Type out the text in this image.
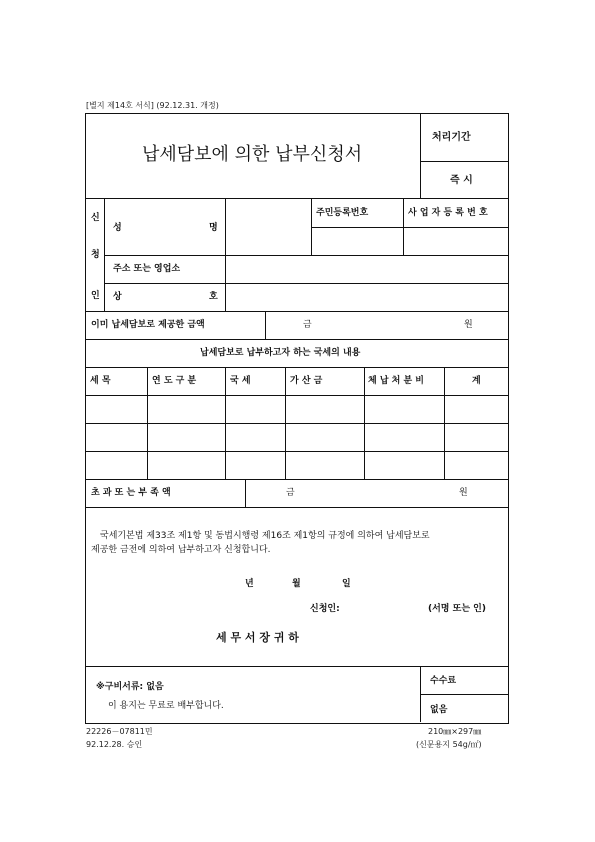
[별지 제14호 서식] (92.12.31. 개정)
납세담보에 의한 납부신청서
처리기간
즉 시
신
청
인
성	명
주민등록번호	사 업 자 등 록 번 호
주소 또는 영업소
상	호
이미 납세담보로 제공한 금액	금	원
납세담보로 납부하고자 하는 국세의 내용
세 목	연 도 구 분	국 세	가 산 금	체 납 처 분 비	계
초 과 또 는 부 족 액	금	원
국세기본법 제33조 제1항 및 동법시행령 제16조 제1항의 규정에 의하여 납세담보로
제공한 금전에 의하여 납부하고자 신청합니다.
년	월	일
신청인:	(서명 또는 인)
세 무 서 장 귀 하
※구비서류: 없음
이 용지는 무료로 배부합니다.
수수료
없음
22226－07811민
92.12.28. 승인
210㎜×297㎜
(신문용지 54g/㎡)
